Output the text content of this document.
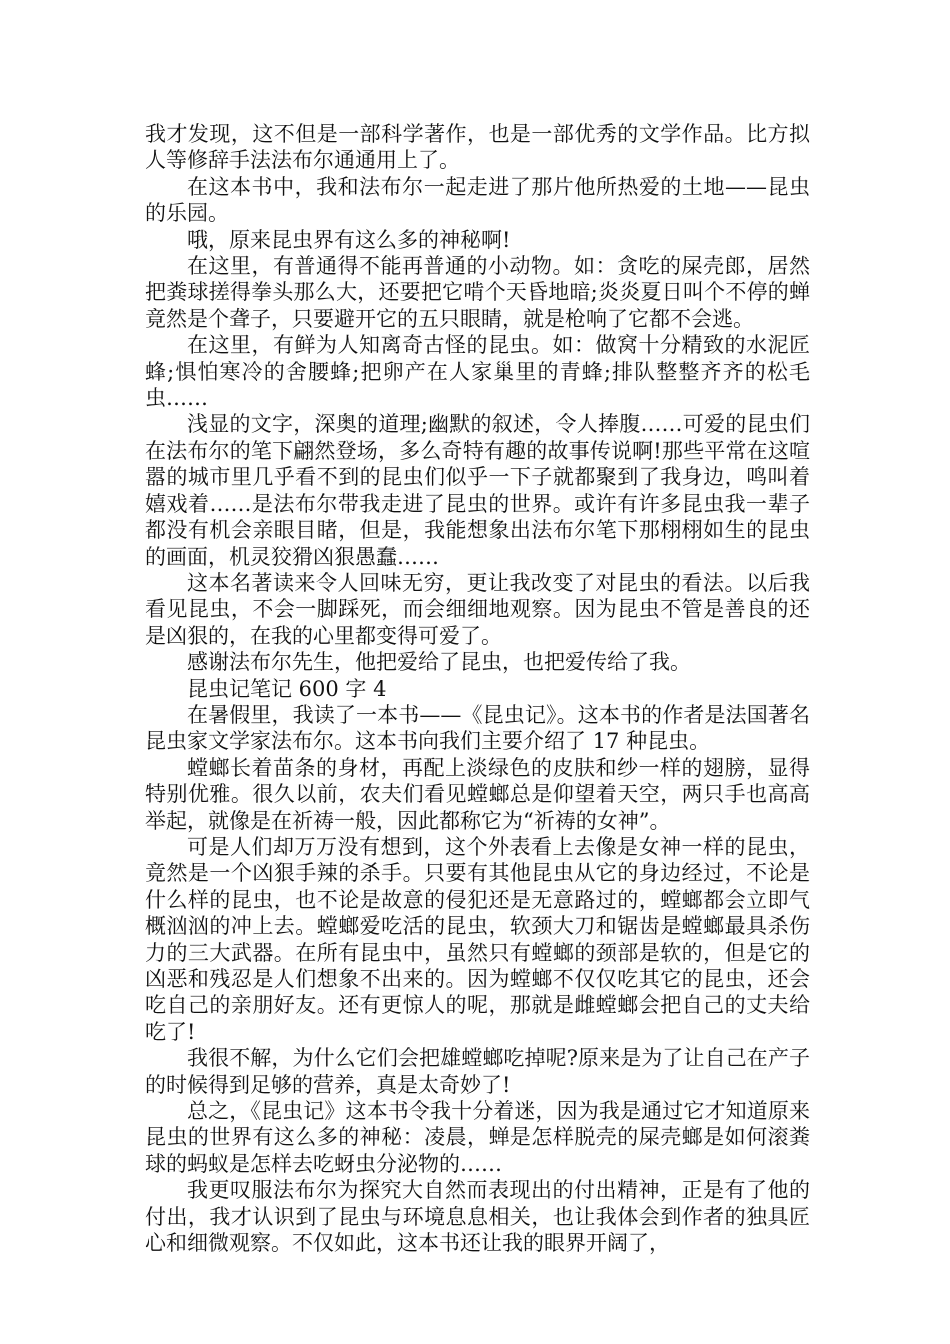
我才发现，这不但是一部科学著作，也是一部优秀的文学作品。比方拟人等修辞手法法布尔通通用上了。

在这本书中，我和法布尔一起走进了那片他所热爱的土地——昆虫的乐园。

哦，原来昆虫界有这么多的神秘啊!

在这里，有普通得不能再普通的小动物。如：贪吃的屎壳郎，居然把粪球搓得拳头那么大，还要把它啃个天昏地暗;炎炎夏日叫个不停的蝉竟然是个聋子，只要避开它的五只眼睛，就是枪响了它都不会逃。

在这里，有鲜为人知离奇古怪的昆虫。如：做窝十分精致的水泥匠蜂;惧怕寒冷的舍腰蜂;把卵产在人家巢里的青蜂;排队整整齐齐的松毛虫……

浅显的文字，深奥的道理;幽默的叙述，令人捧腹……可爱的昆虫们在法布尔的笔下翩然登场，多么奇特有趣的故事传说啊!那些平常在这喧嚣的城市里几乎看不到的昆虫们似乎一下子就都聚到了我身边，鸣叫着嬉戏着……是法布尔带我走进了昆虫的世界。或许有许多昆虫我一辈子都没有机会亲眼目睹，但是，我能想象出法布尔笔下那栩栩如生的昆虫的画面，机灵狡猾凶狠愚蠢……

这本名著读来令人回味无穷，更让我改变了对昆虫的看法。以后我看见昆虫，不会一脚踩死，而会细细地观察。因为昆虫不管是善良的还是凶狠的，在我的心里都变得可爱了。

感谢法布尔先生，他把爱给了昆虫，也把爱传给了我。

昆虫记笔记 600 字 4

在暑假里，我读了一本书——《昆虫记》。这本书的作者是法国著名昆虫家文学家法布尔。这本书向我们主要介绍了 17 种昆虫。

螳螂长着苗条的身材，再配上淡绿色的皮肤和纱一样的翅膀，显得特别优雅。很久以前，农夫们看见螳螂总是仰望着天空，两只手也高高举起，就像是在祈祷一般，因此都称它为“祈祷的女神”。

可是人们却万万没有想到，这个外表看上去像是女神一样的昆虫，竟然是一个凶狠手辣的杀手。只要有其他昆虫从它的身边经过，不论是什么样的昆虫，也不论是故意的侵犯还是无意路过的，螳螂都会立即气概汹汹的冲上去。螳螂爱吃活的昆虫，软颈大刀和锯齿是螳螂最具杀伤力的三大武器。在所有昆虫中，虽然只有螳螂的颈部是软的，但是它的凶恶和残忍是人们想象不出来的。因为螳螂不仅仅吃其它的昆虫，还会吃自己的亲朋好友。还有更惊人的呢，那就是雌螳螂会把自己的丈夫给吃了!

我很不解，为什么它们会把雄螳螂吃掉呢?原来是为了让自己在产子的时候得到足够的营养，真是太奇妙了!

总之，《昆虫记》这本书令我十分着迷，因为我是通过它才知道原来昆虫的世界有这么多的神秘：凌晨，蝉是怎样脱壳的屎壳螂是如何滚粪球的蚂蚁是怎样去吃蚜虫分泌物的……

我更叹服法布尔为探究大自然而表现出的付出精神，正是有了他的付出，我才认识到了昆虫与环境息息相关，也让我体会到作者的独具匠心和细微观察。不仅如此，这本书还让我的眼界开阔了，
